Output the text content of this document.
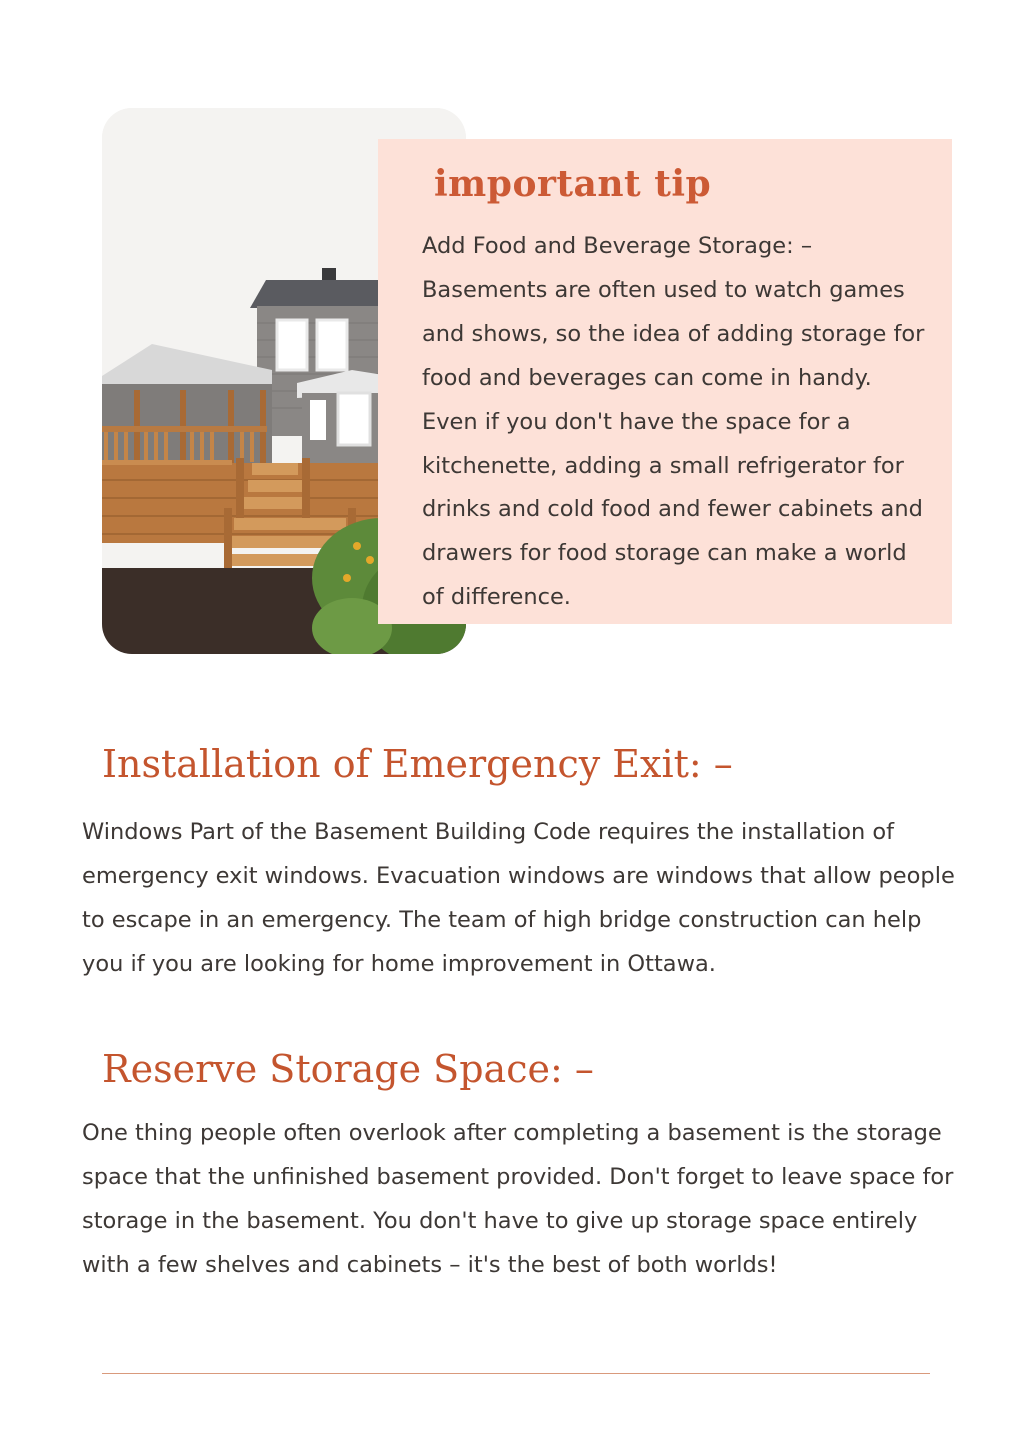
important tip

Add Food and Beverage Storage: – Basements are often used to watch games and shows, so the idea of adding storage for food and beverages can come in handy. Even if you don't have the space for a kitchenette, adding a small refrigerator for drinks and cold food and fewer cabinets and drawers for food storage can make a world of difference.

Installation of Emergency Exit: –

Windows Part of the Basement Building Code requires the installation of emergency exit windows. Evacuation windows are windows that allow people to escape in an emergency. The team of high bridge construction can help you if you are looking for home improvement in Ottawa.

Reserve Storage Space: –

One thing people often overlook after completing a basement is the storage space that the unfinished basement provided. Don't forget to leave space for storage in the basement. You don't have to give up storage space entirely with a few shelves and cabinets – it's the best of both worlds!
